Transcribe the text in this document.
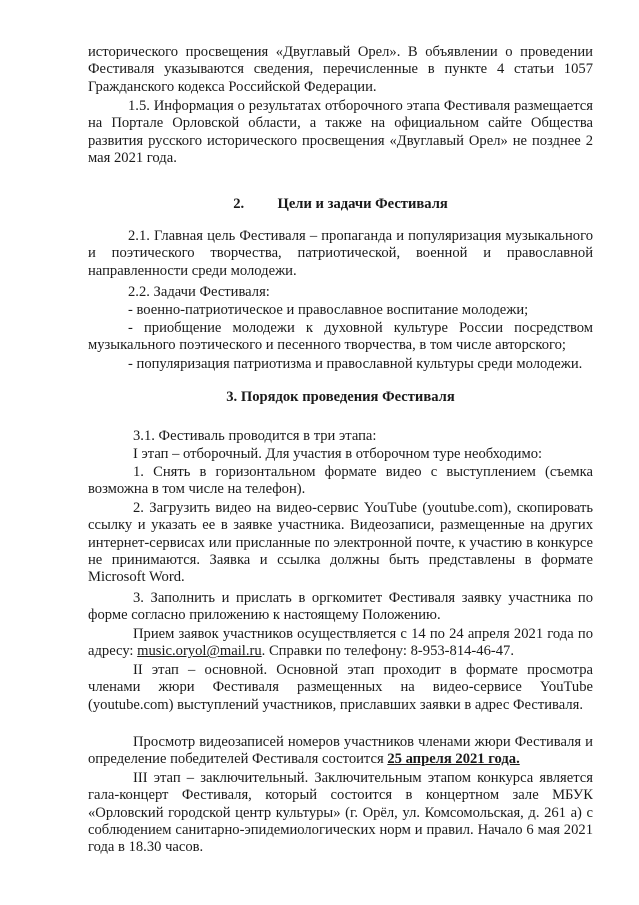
исторического просвещения «Двуглавый Орел». В объявлении о проведении Фестиваля указываются сведения, перечисленные в пункте 4 статьи 1057 Гражданского кодекса Российской Федерации.

1.5. Информация о результатах отборочного этапа Фестиваля размещается на Портале Орловской области, а также на официальном сайте Общества развития русского исторического просвещения «Двуглавый Орел» не позднее 2 мая 2021 года.

2. Цели и задачи Фестиваля

2.1. Главная цель Фестиваля – пропаганда и популяризация музыкального и поэтического творчества, патриотической, военной и православной направленности среди молодежи.

2.2. Задачи Фестиваля:

- военно-патриотическое и православное воспитание молодежи;

- приобщение молодежи к духовной культуре России посредством музыкального поэтического и песенного творчества, в том числе авторского;

- популяризация патриотизма и православной культуры среди молодежи.

3. Порядок проведения Фестиваля

3.1. Фестиваль проводится в три этапа:

I этап – отборочный. Для участия в отборочном туре необходимо:

1. Снять в горизонтальном формате видео с выступлением (съемка возможна в том числе на телефон).

2. Загрузить видео на видео-сервис YouTube (youtube.com), скопировать ссылку и указать ее в заявке участника. Видеозаписи, размещенные на других интернет-сервисах или присланные по электронной почте, к участию в конкурсе не принимаются. Заявка и ссылка должны быть представлены в формате Microsoft Word.

3. Заполнить и прислать в оргкомитет Фестиваля заявку участника по форме согласно приложению к настоящему Положению.

Прием заявок участников осуществляется с 14 по 24 апреля 2021 года по адресу: music.oryol@mail.ru. Справки по телефону: 8-953-814-46-47.

II этап – основной. Основной этап проходит в формате просмотра членами жюри Фестиваля размещенных на видео-сервисе YouTube (youtube.com) выступлений участников, приславших заявки в адрес Фестиваля.

Просмотр видеозаписей номеров участников членами жюри Фестиваля и определение победителей Фестиваля состоится 25 апреля 2021 года.

III этап – заключительный. Заключительным этапом конкурса является гала-концерт Фестиваля, который состоится в концертном зале МБУК «Орловский городской центр культуры» (г. Орёл, ул. Комсомольская, д. 261 а) с соблюдением санитарно-эпидемиологических норм и правил. Начало 6 мая 2021 года в 18.30 часов.
